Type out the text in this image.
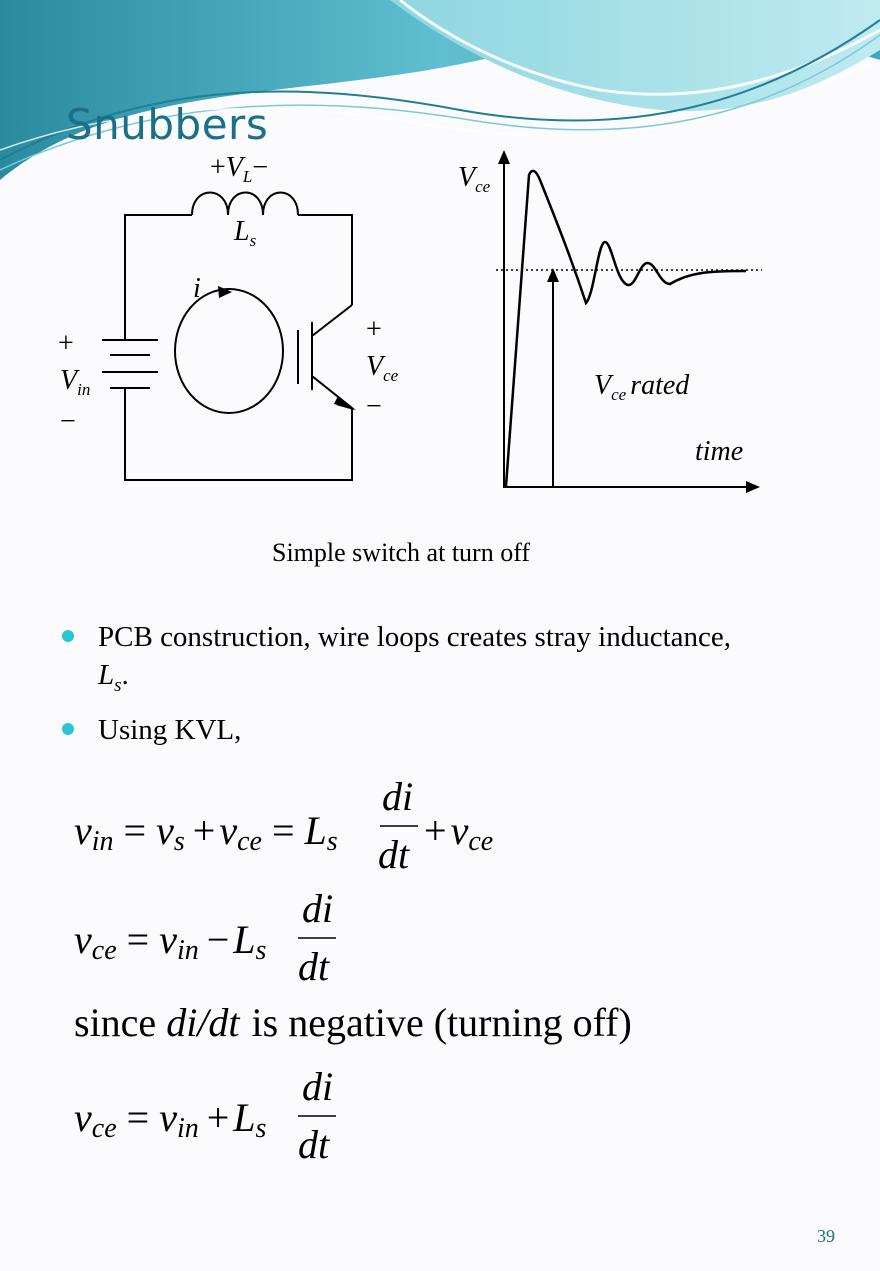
Snubbers
$+V_L-$
$L_s$
i
+
$V_{in}$
−
+
$V_{ce}$
−
$V_{ce}$
$V_{ce}$ rated
time
Simple switch at turn off
PCB construction, wire loops creates stray inductance, $L_s$.
Using KVL,
vin = vs + vce = Ls
di
dt
+ vce
vce = vin − Ls
di
dt
since di/dt is negative (turning off)
vce = vin + Ls
di
dt
39
